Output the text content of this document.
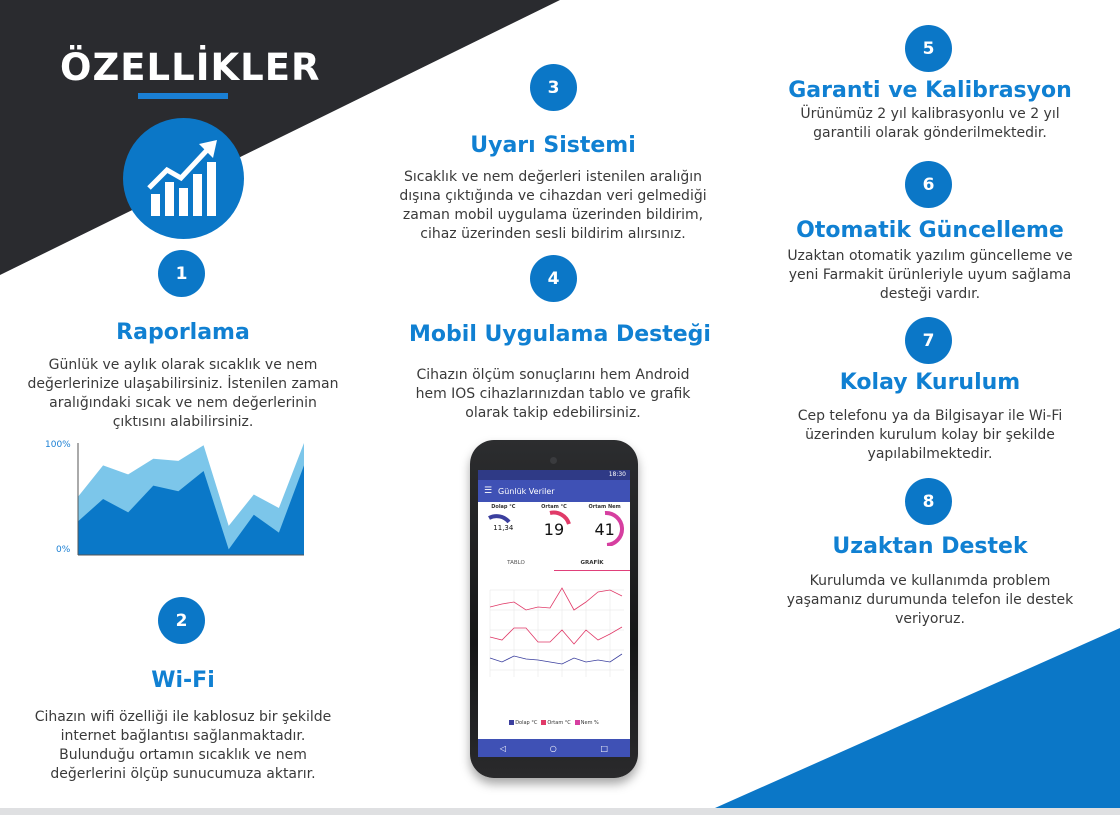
ÖZELLİKLER
1
Raporlama

Günlük ve aylık olarak sıcaklık ve nem
değerlerinize ulaşabilirsiniz. İstenilen zaman
aralığındaki sıcak ve nem değerlerinin
çıktısını alabilirsiniz.

100%
0%
2
Wi-Fi

Cihazın wifi özelliği ile kablosuz bir şekilde
internet bağlantısı sağlanmaktadır.
Bulunduğu ortamın sıcaklık ve nem
değerlerini ölçüp sunucumuza aktarır.

3
Uyarı Sistemi

Sıcaklık ve nem değerleri istenilen aralığın
dışına çıktığında ve cihazdan veri gelmediği
zaman mobil uygulama üzerinden bildirim,
cihaz üzerinden sesli bildirim alırsınız.

4
Mobil Uygulama Desteği

Cihazın ölçüm sonuçlarını hem Android
hem IOS cihazlarınızdan tablo ve grafik
olarak takip edebilirsiniz.

18:30
☰ Günlük Veriler
Dolap °C
11,34
Ortam °C
19
Ortam Nem
41
TABLO	GRAFİK
Dolap °C	Ortam °C	Nem %
◁	○	□
5
Garanti ve Kalibrasyon

Ürünümüz 2 yıl kalibrasyonlu ve 2 yıl
garantili olarak gönderilmektedir.

6
Otomatik Güncelleme

Uzaktan otomatik yazılım güncelleme ve
yeni Farmakit ürünleriyle uyum sağlama
desteği vardır.

7
Kolay Kurulum

Cep telefonu ya da Bilgisayar ile Wi-Fi
üzerinden kurulum kolay bir şekilde
yapılabilmektedir.

8
Uzaktan Destek

Kurulumda ve kullanımda problem
yaşamanız durumunda telefon ile destek
veriyoruz.
